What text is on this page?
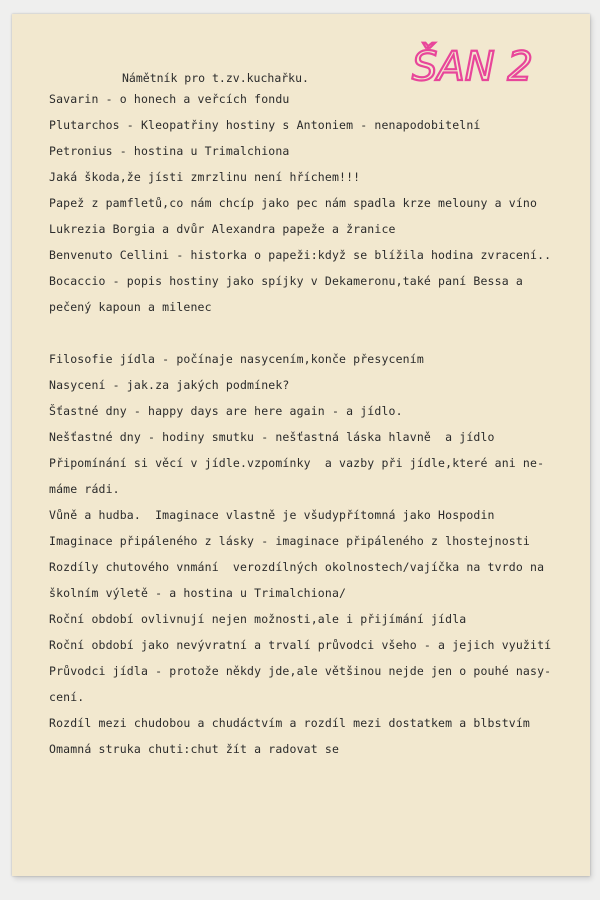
ŠAN 2
Námětník pro t.zv.kuchařku.
Savarin - o honech a veřcích fondu
Plutarchos - Kleopatřiny hostiny s Antoniem - nenapodobitelní
Petronius - hostina u Trimalchiona
Jaká škoda,že jísti zmrzlinu není hříchem!!!
Papež z pamfletů,co nám chcíp jako pec nám spadla krze melouny a víno
Lukrezia Borgia a dvůr Alexandra papeže a žranice
Benvenuto Cellini - historka o papeži:když se blížila hodina zvracení..
Bocaccio - popis hostiny jako spíjky v Dekameronu,také paní Bessa a
pečený kapoun a milenec
Filosofie jídla - počínaje nasycením,konče přesycením
Nasycení - jak.za jakých podmínek?
Šťastné dny - happy days are here again - a jídlo.
Nešťastné dny - hodiny smutku - nešťastná láska hlavně  a jídlo
Připomínání si věcí v jídle.vzpomínky  a vazby při jídle,které ani ne-
máme rádi.
Vůně a hudba.  Imaginace vlastně je všudypřítomná jako Hospodin
Imaginace připáleného z lásky - imaginace připáleného z lhostejnosti
Rozdíly chutového vnmání  verozdílných okolnostech/vajíčka na tvrdo na
školním výletě - a hostina u Trimalchiona/
Roční období ovlivnují nejen možnosti,ale i přijímání jídla
Roční období jako nevývratní a trvalí průvodci všeho - a jejich využití
Průvodci jídla - protože někdy jde,ale většinou nejde jen o pouhé nasy-
cení.
Rozdíl mezi chudobou a chudáctvím a rozdíl mezi dostatkem a blbstvím
Omamná struka chuti:chut žít a radovat se
